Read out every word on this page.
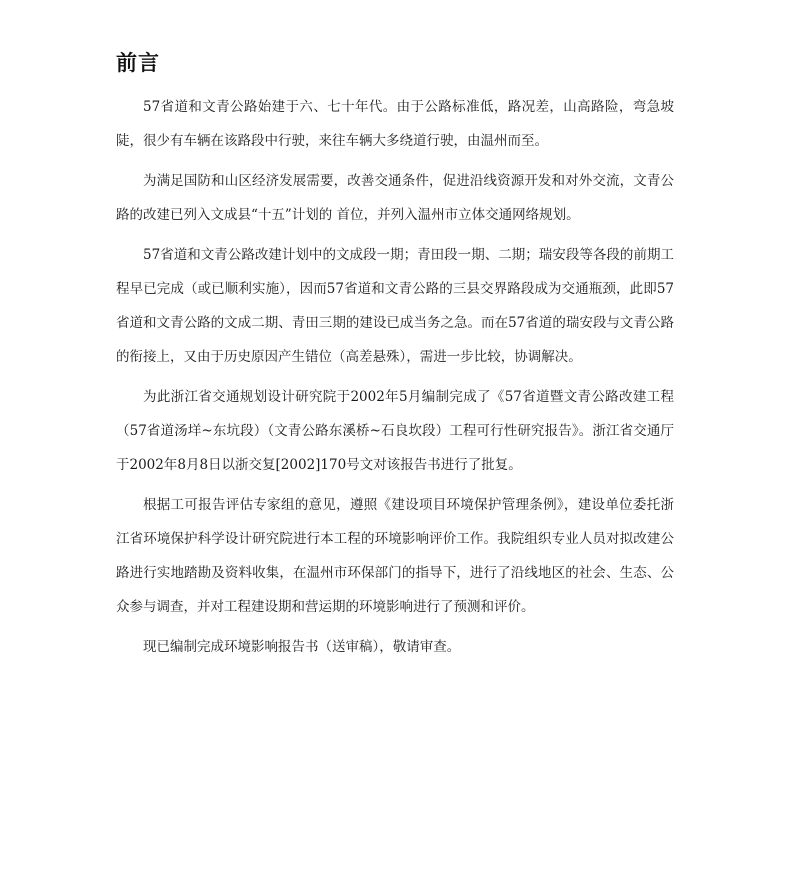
前言

57省道和文青公路始建于六、七十年代。由于公路标准低，路况差，山高路险，弯急坡陡，很少有车辆在该路段中行驶，来往车辆大多绕道行驶，由温州而至。

为满足国防和山区经济发展需要，改善交通条件，促进沿线资源开发和对外交流，文青公路的改建已列入文成县“十五”计划的 首位，并列入温州市立体交通网络规划。

57省道和文青公路改建计划中的文成段一期；青田段一期、二期；瑞安段等各段的前期工程早已完成（或已顺利实施），因而57省道和文青公路的三县交界路段成为交通瓶颈，此即57省道和文青公路的文成二期、青田三期的建设已成当务之急。而在57省道的瑞安段与文青公路的衔接上，又由于历史原因产生错位（高差悬殊），需进一步比较，协调解决。

为此浙江省交通规划设计研究院于2002年5月编制完成了《57省道暨文青公路改建工程（57省道汤垟~东坑段）（文青公路东溪桥~石良坎段）工程可行性研究报告》。浙江省交通厅于2002年8月8日以浙交复[2002]170号文对该报告书进行了批复。

根据工可报告评估专家组的意见，遵照《建设项目环境保护管理条例》，建设单位委托浙江省环境保护科学设计研究院进行本工程的环境影响评价工作。我院组织专业人员对拟改建公路进行实地踏勘及资料收集，在温州市环保部门的指导下，进行了沿线地区的社会、生态、公众参与调查，并对工程建设期和营运期的环境影响进行了预测和评价。

现已编制完成环境影响报告书（送审稿），敬请审查。
